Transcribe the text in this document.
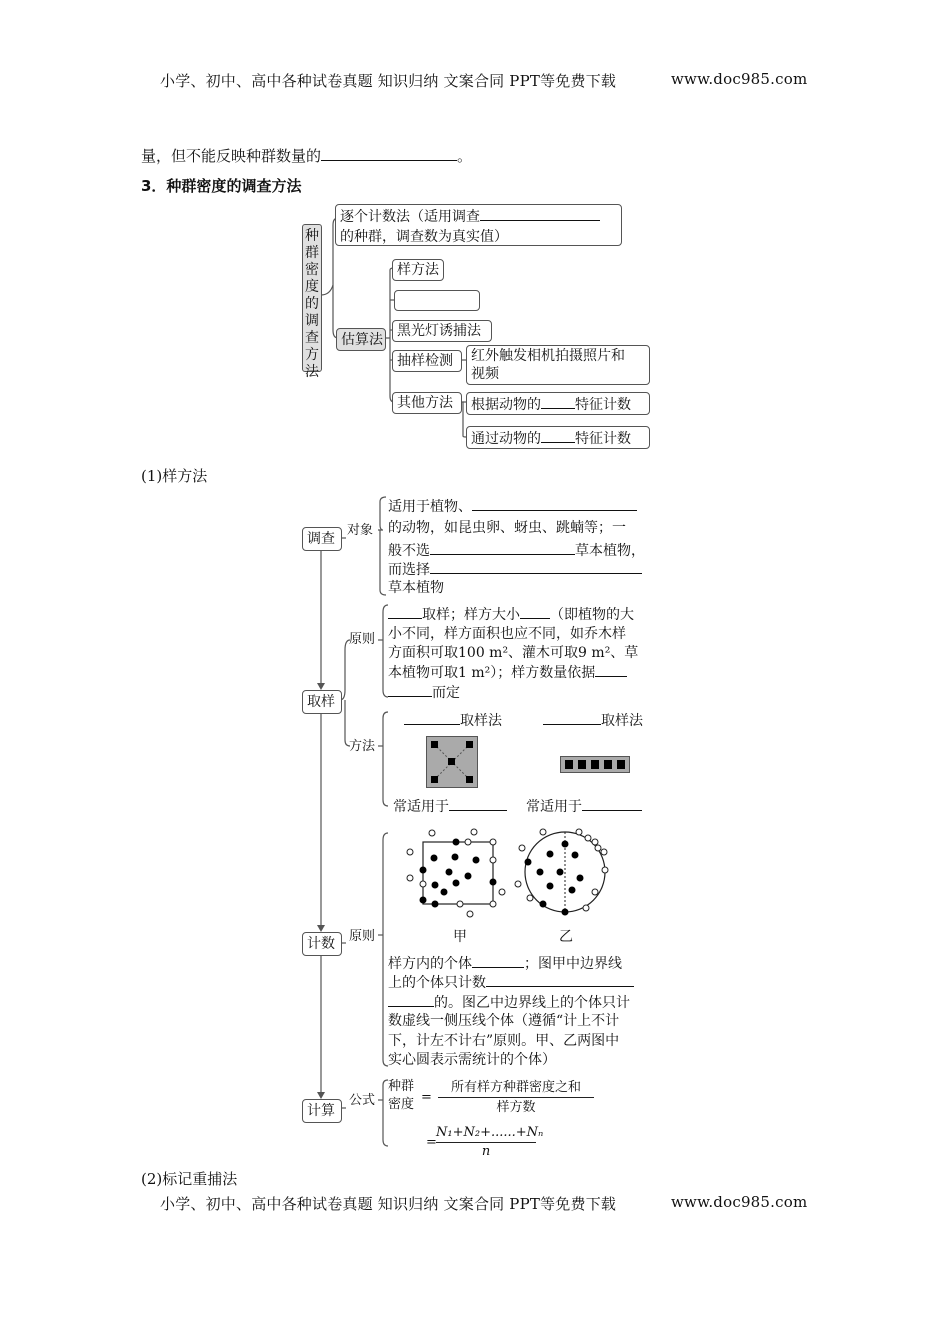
小学、初中、高中各种试卷真题 知识归纳 文案合同 PPT等免费下载	www.doc985.com
量，但不能反映种群数量的	。
3．种群密度的调查方法
种
群
密
度
的
调
查
方
法
逐个计数法（适用调查
的种群，调查数为真实值）
估算法
样方法
黑光灯诱捕法
抽样检测	红外触发相机拍摄照片和
视频
其他方法	根据动物的 特征计数
通过动物的 特征计数
(1)样方法
调查
对象
适用于植物、
的动物，如昆虫卵、蚜虫、跳蝻等；一
般不选	草本植物，
而选择
草本植物
取样
原则
取样；样方大小 （即植物的大
小不同，样方面积也应不同，如乔木样
方面积可取100 m²、灌木可取9 m²、草
本植物可取1 m²）；样方数量依据
而定
方法
取样法	取样法
常适用于	常适用于
甲	乙
计数	原则
样方内的个体	；图甲中边界线
上的个体只计数
的。图乙中边界线上的个体只计
数虚线一侧压线个体（遵循“计上不计
下，计左不计右”原则。甲、乙两图中
实心圆表示需统计的个体）
计算
公式
种群
密度 =
所有样方种群密度之和
样方数
=
N₁+N₂+......+Nₙ
n
(2)标记重捕法
小学、初中、高中各种试卷真题 知识归纳 文案合同 PPT等免费下载	www.doc985.com
